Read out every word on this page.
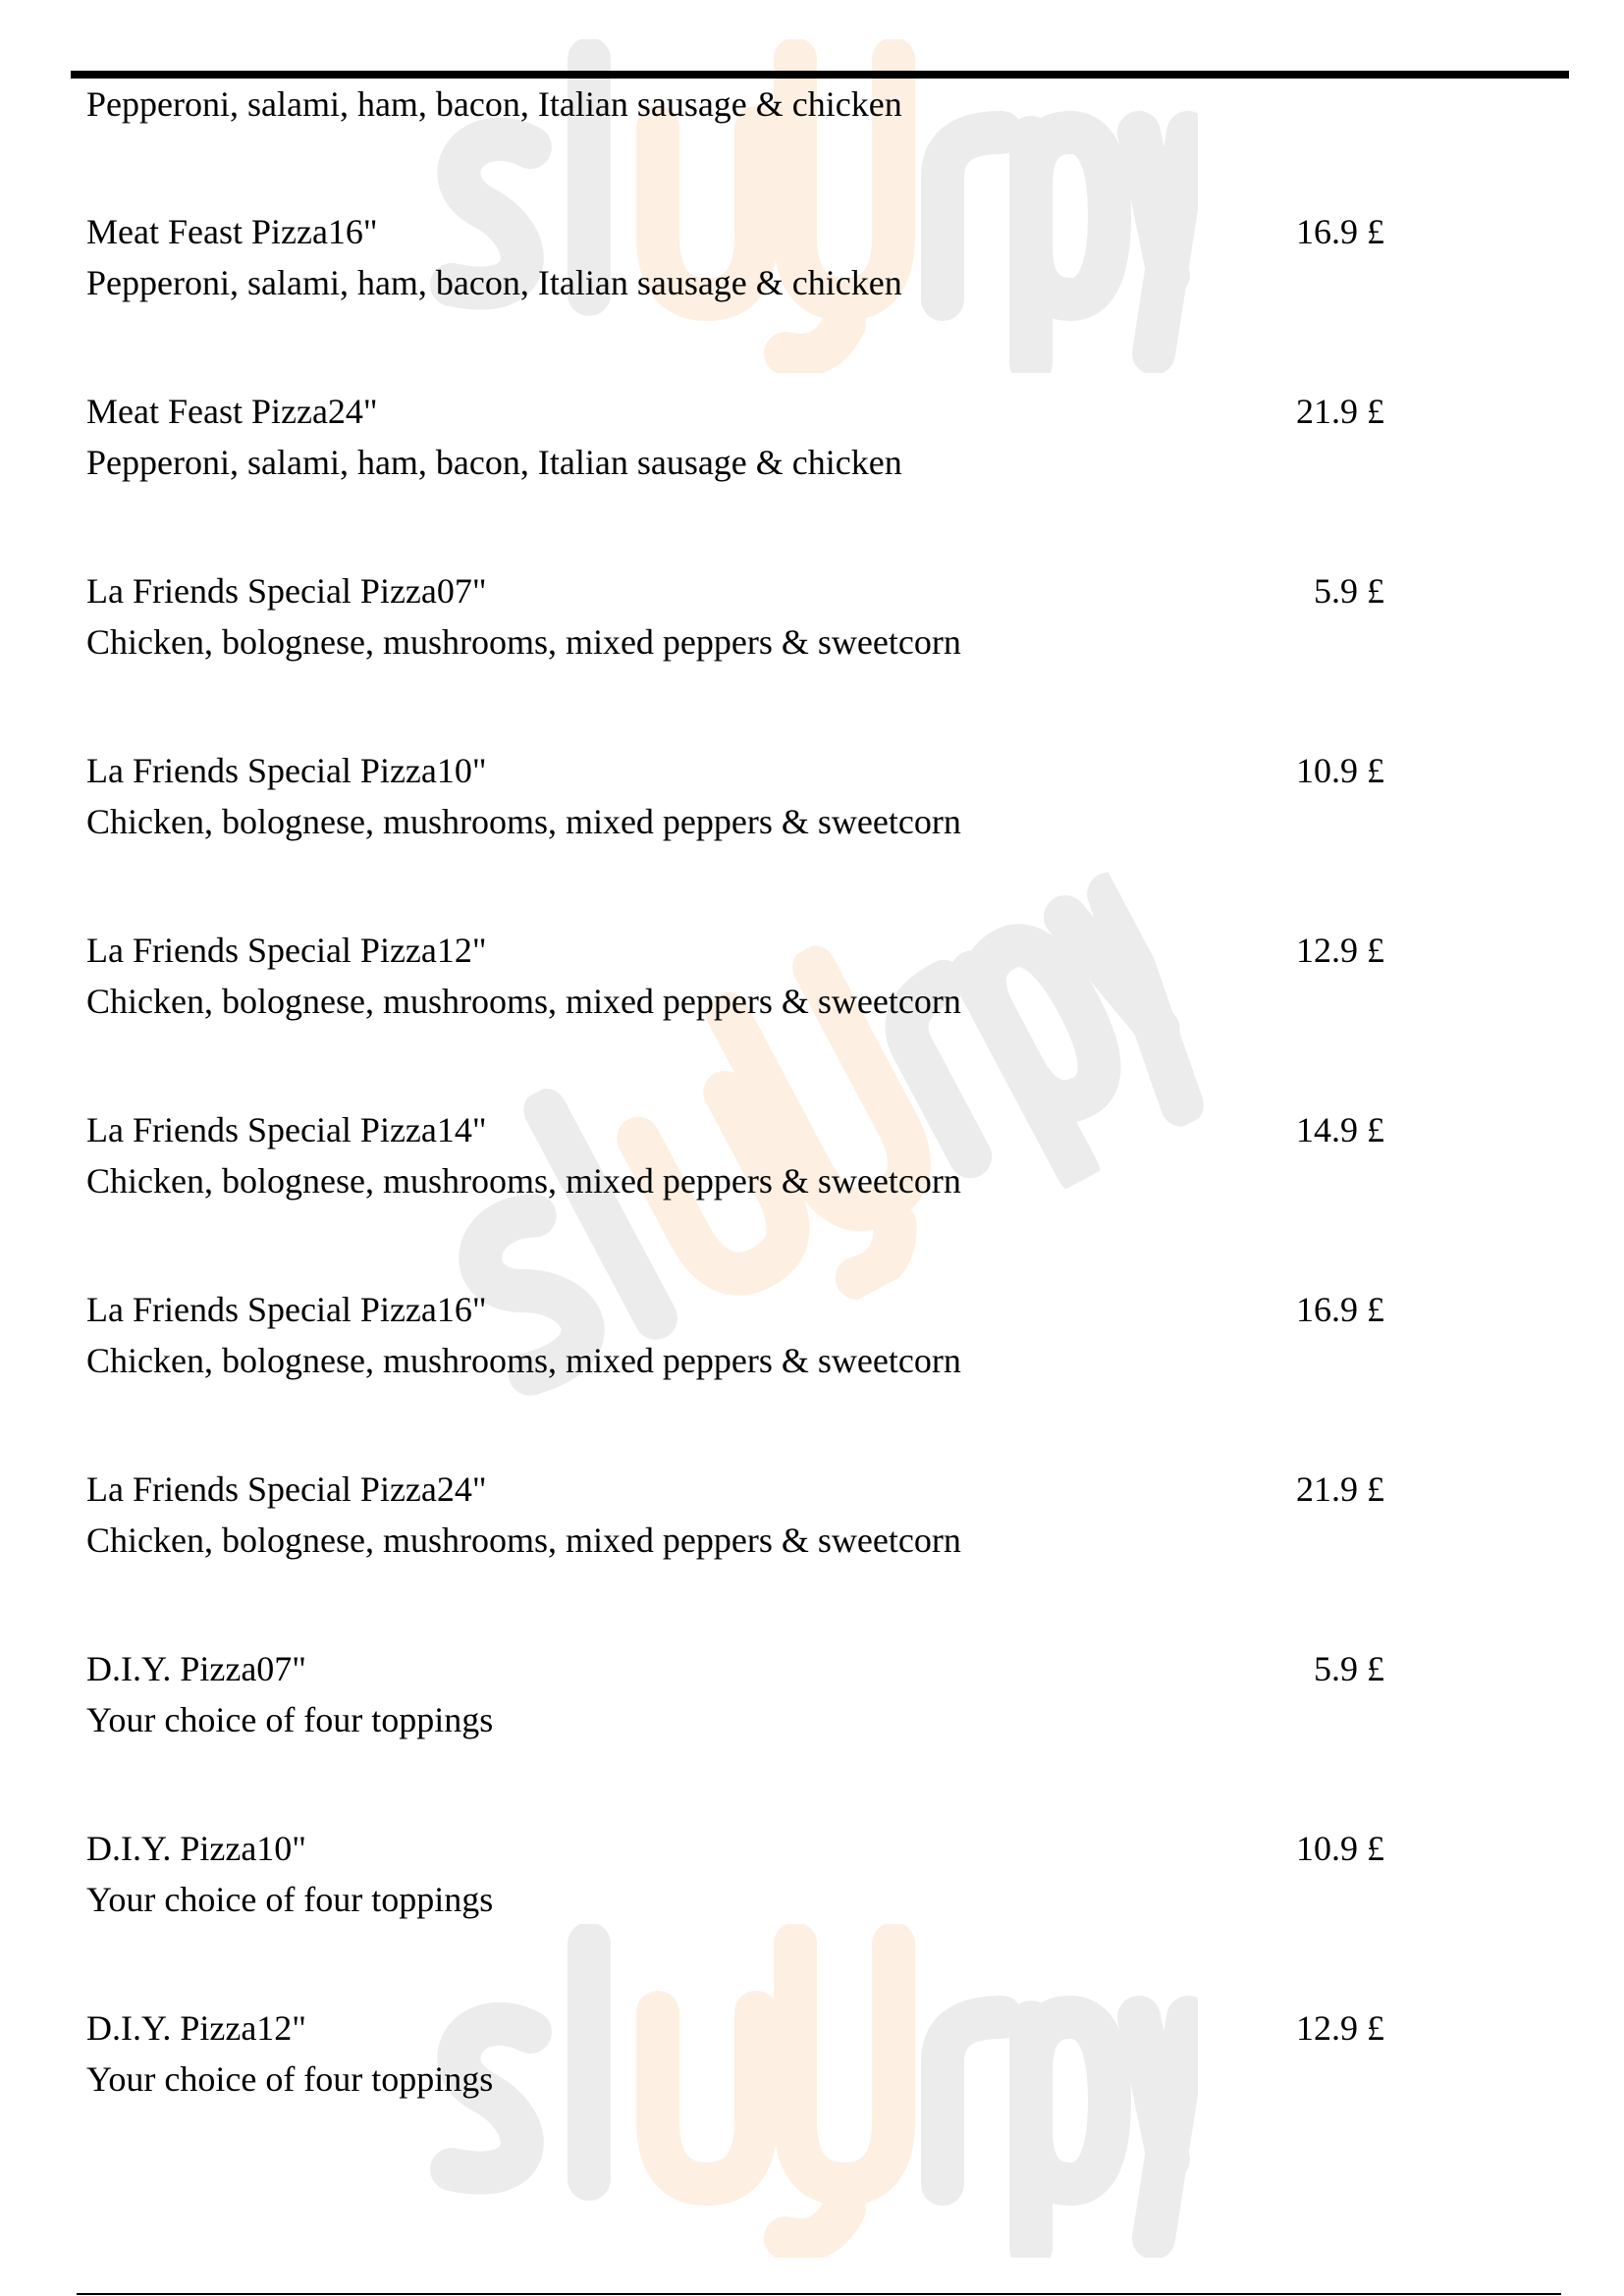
Pepperoni, salami, ham, bacon, Italian sausage & chicken
Meat Feast Pizza16"	16.9 £
Pepperoni, salami, ham, bacon, Italian sausage & chicken
Meat Feast Pizza24"	21.9 £
Pepperoni, salami, ham, bacon, Italian sausage & chicken
La Friends Special Pizza07"	5.9 £
Chicken, bolognese, mushrooms, mixed peppers & sweetcorn
La Friends Special Pizza10"	10.9 £
Chicken, bolognese, mushrooms, mixed peppers & sweetcorn
La Friends Special Pizza12"	12.9 £
Chicken, bolognese, mushrooms, mixed peppers & sweetcorn
La Friends Special Pizza14"	14.9 £
Chicken, bolognese, mushrooms, mixed peppers & sweetcorn
La Friends Special Pizza16"	16.9 £
Chicken, bolognese, mushrooms, mixed peppers & sweetcorn
La Friends Special Pizza24"	21.9 £
Chicken, bolognese, mushrooms, mixed peppers & sweetcorn
D.I.Y. Pizza07"	5.9 £
Your choice of four toppings
D.I.Y. Pizza10"	10.9 £
Your choice of four toppings
D.I.Y. Pizza12"	12.9 £
Your choice of four toppings
